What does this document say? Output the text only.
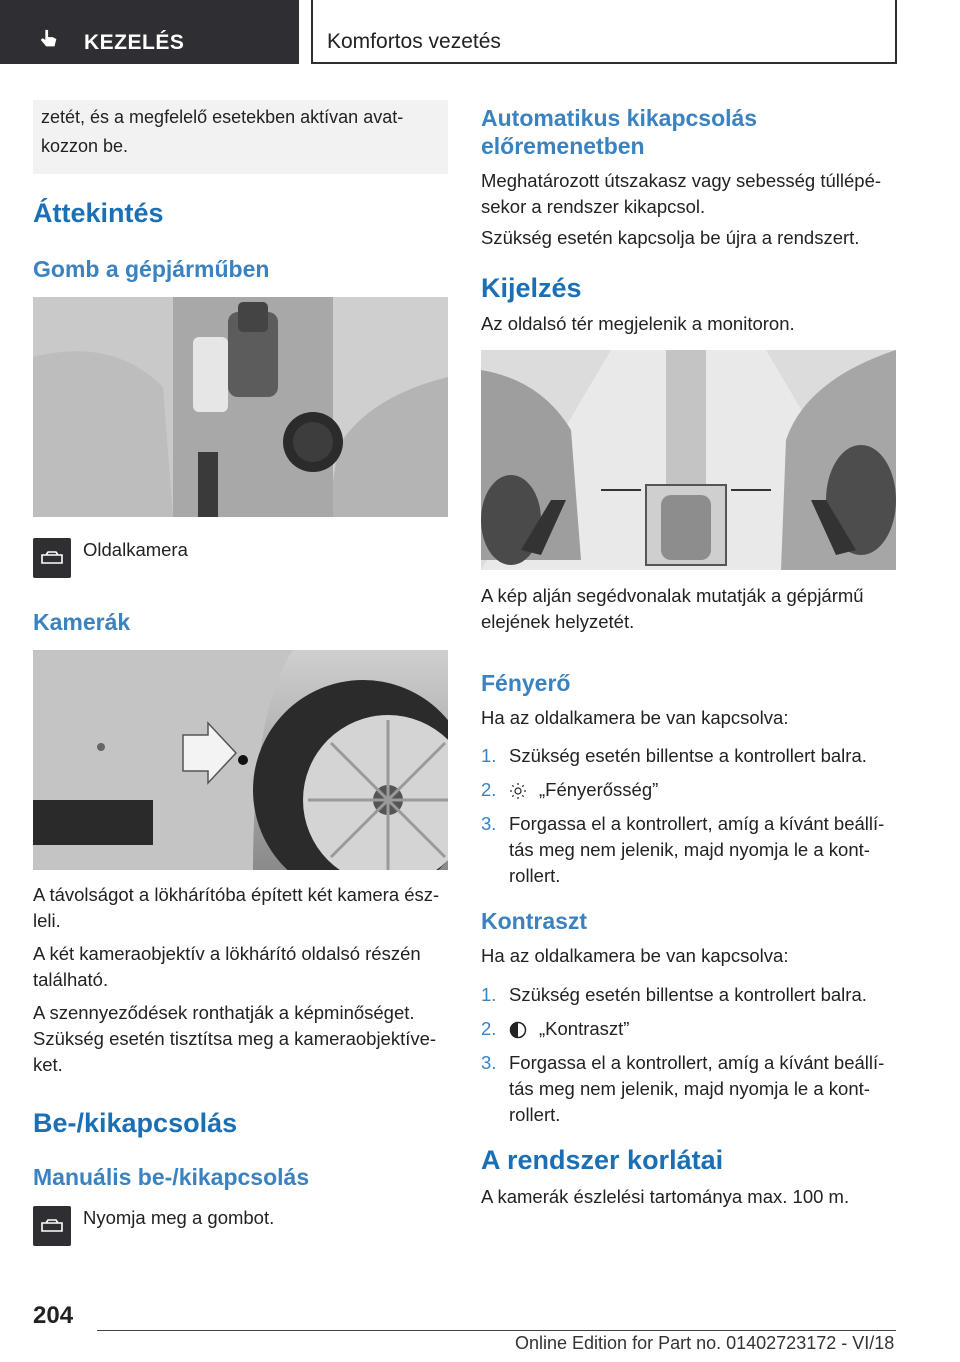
KEZELÉS	Komfortos vezetés

zetét, és a megfelelő esetekben aktívan avat‐kozzon be.

Áttekintés
Gomb a gépjárműben

Oldalkamera

Kamerák

A távolságot a lökhárítóba épített két kamera ész‐leli.

A két kameraobjektív a lökhárító oldalsó részén található.

A szennyeződések ronthatják a képminőséget. Szükség esetén tisztítsa meg a kameraobjektíve‐ket.

Be-/kikapcsolás
Manuális be-/kikapcsolás

Nyomja meg a gombot.

Automatikus kikapcsolás előremenetben

Meghatározott útszakasz vagy sebesség túllépé‐sekor a rendszer kikapcsol.

Szükség esetén kapcsolja be újra a rendszert.

Kijelzés

Az oldalsó tér megjelenik a monitoron.

A kép alján segédvonalak mutatják a gépjármű elejének helyzetét.

Fényerő

Ha az oldalkamera be van kapcsolva:

1. Szükség esetén billentse a kontrollert balra.
2. „Fényerősség”
3. Forgassa el a kontrollert, amíg a kívánt beállí‐tás meg nem jelenik, majd nyomja le a kont‐rollert.
Kontraszt

Ha az oldalkamera be van kapcsolva:

1. Szükség esetén billentse a kontrollert balra.
2. „Kontraszt”
3. Forgassa el a kontrollert, amíg a kívánt beállí‐tás meg nem jelenik, majd nyomja le a kont‐rollert.
A rendszer korlátai

A kamerák észlelési tartománya max. 100 m.

204
Online Edition for Part no. 01402723172 - VI/18
